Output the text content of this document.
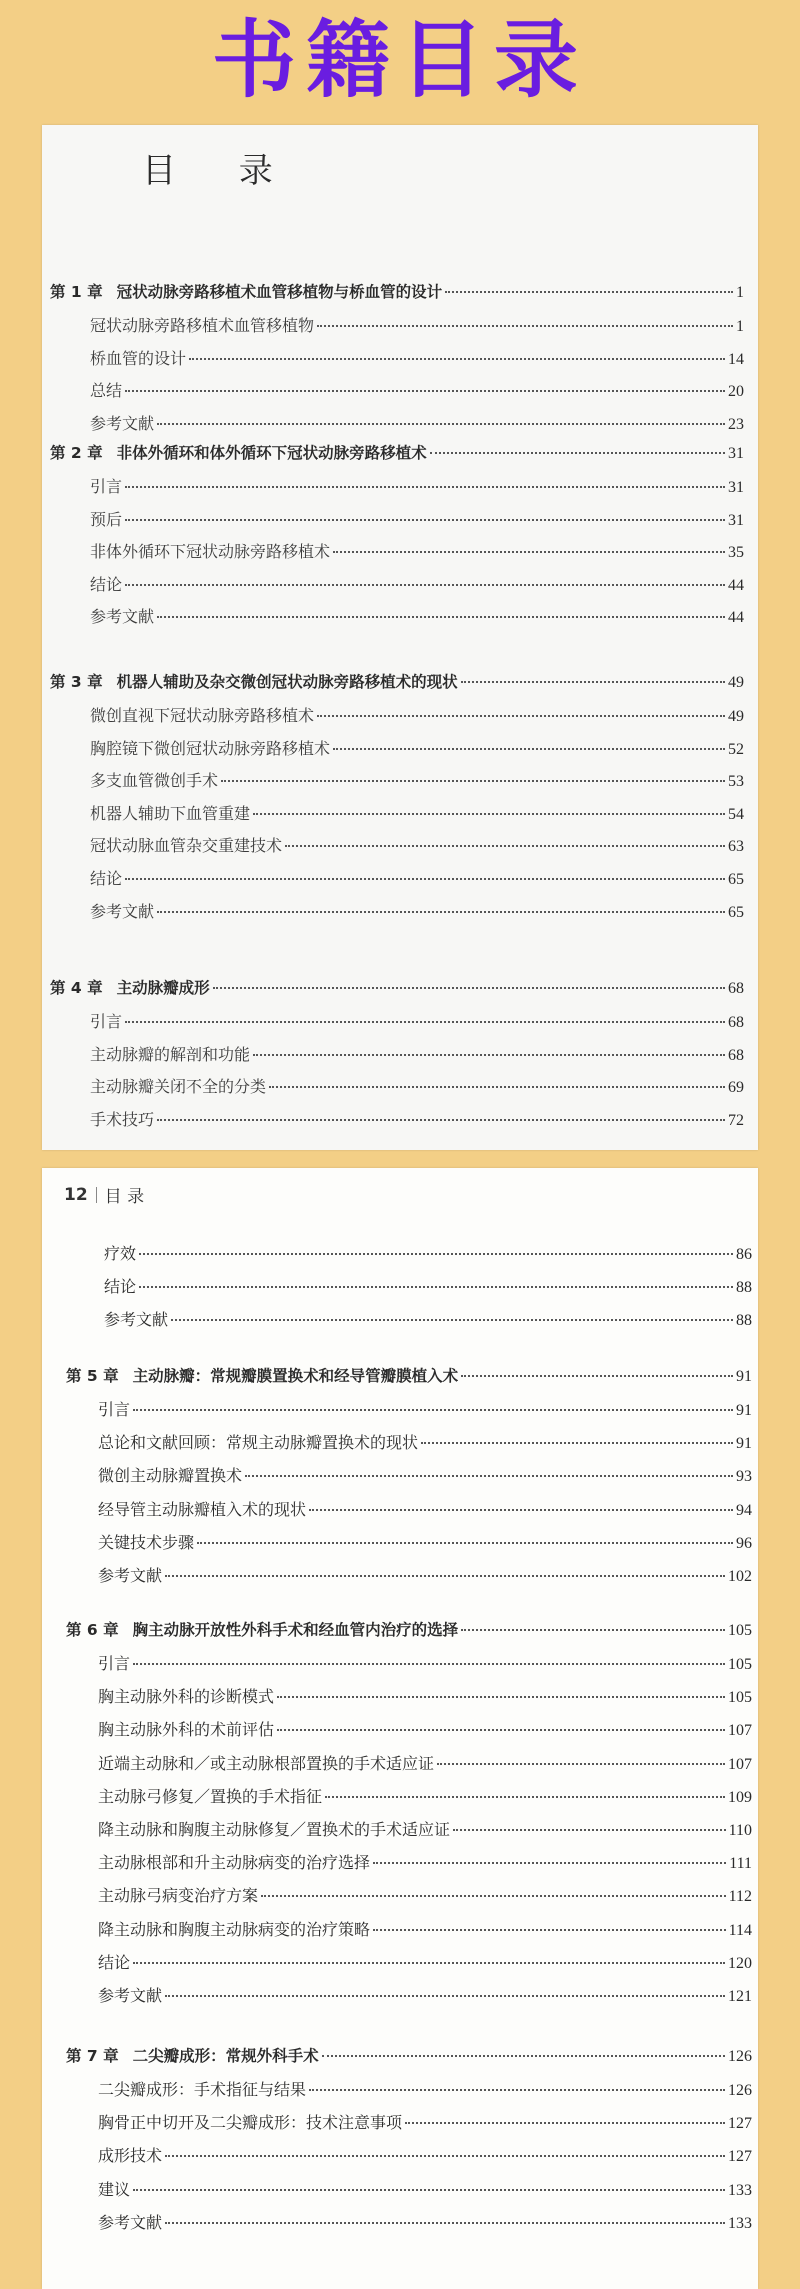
书籍目录
目 录
第 1 章 冠状动脉旁路移植术血管移植物与桥血管的设计	1
冠状动脉旁路移植术血管移植物	1
桥血管的设计	14
总结	20
参考文献	23
第 2 章 非体外循环和体外循环下冠状动脉旁路移植术	31
引言	31
预后	31
非体外循环下冠状动脉旁路移植术	35
结论	44
参考文献	44
第 3 章 机器人辅助及杂交微创冠状动脉旁路移植术的现状	49
微创直视下冠状动脉旁路移植术	49
胸腔镜下微创冠状动脉旁路移植术	52
多支血管微创手术	53
机器人辅助下血管重建	54
冠状动脉血管杂交重建技术	63
结论	65
参考文献	65
第 4 章 主动脉瓣成形	68
引言	68
主动脉瓣的解剖和功能	68
主动脉瓣关闭不全的分类	69
手术技巧	72
12 目 录
疗效	86
结论	88
参考文献	88
第 5 章 主动脉瓣：常规瓣膜置换术和经导管瓣膜植入术	91
引言	91
总论和文献回顾：常规主动脉瓣置换术的现状	91
微创主动脉瓣置换术	93
经导管主动脉瓣植入术的现状	94
关键技术步骤	96
参考文献	102
第 6 章 胸主动脉开放性外科手术和经血管内治疗的选择	105
引言	105
胸主动脉外科的诊断模式	105
胸主动脉外科的术前评估	107
近端主动脉和／或主动脉根部置换的手术适应证	107
主动脉弓修复／置换的手术指征	109
降主动脉和胸腹主动脉修复／置换术的手术适应证	110
主动脉根部和升主动脉病变的治疗选择	111
主动脉弓病变治疗方案	112
降主动脉和胸腹主动脉病变的治疗策略	114
结论	120
参考文献	121
第 7 章 二尖瓣成形：常规外科手术	126
二尖瓣成形：手术指征与结果	126
胸骨正中切开及二尖瓣成形：技术注意事项	127
成形技术	127
建议	133
参考文献	133
